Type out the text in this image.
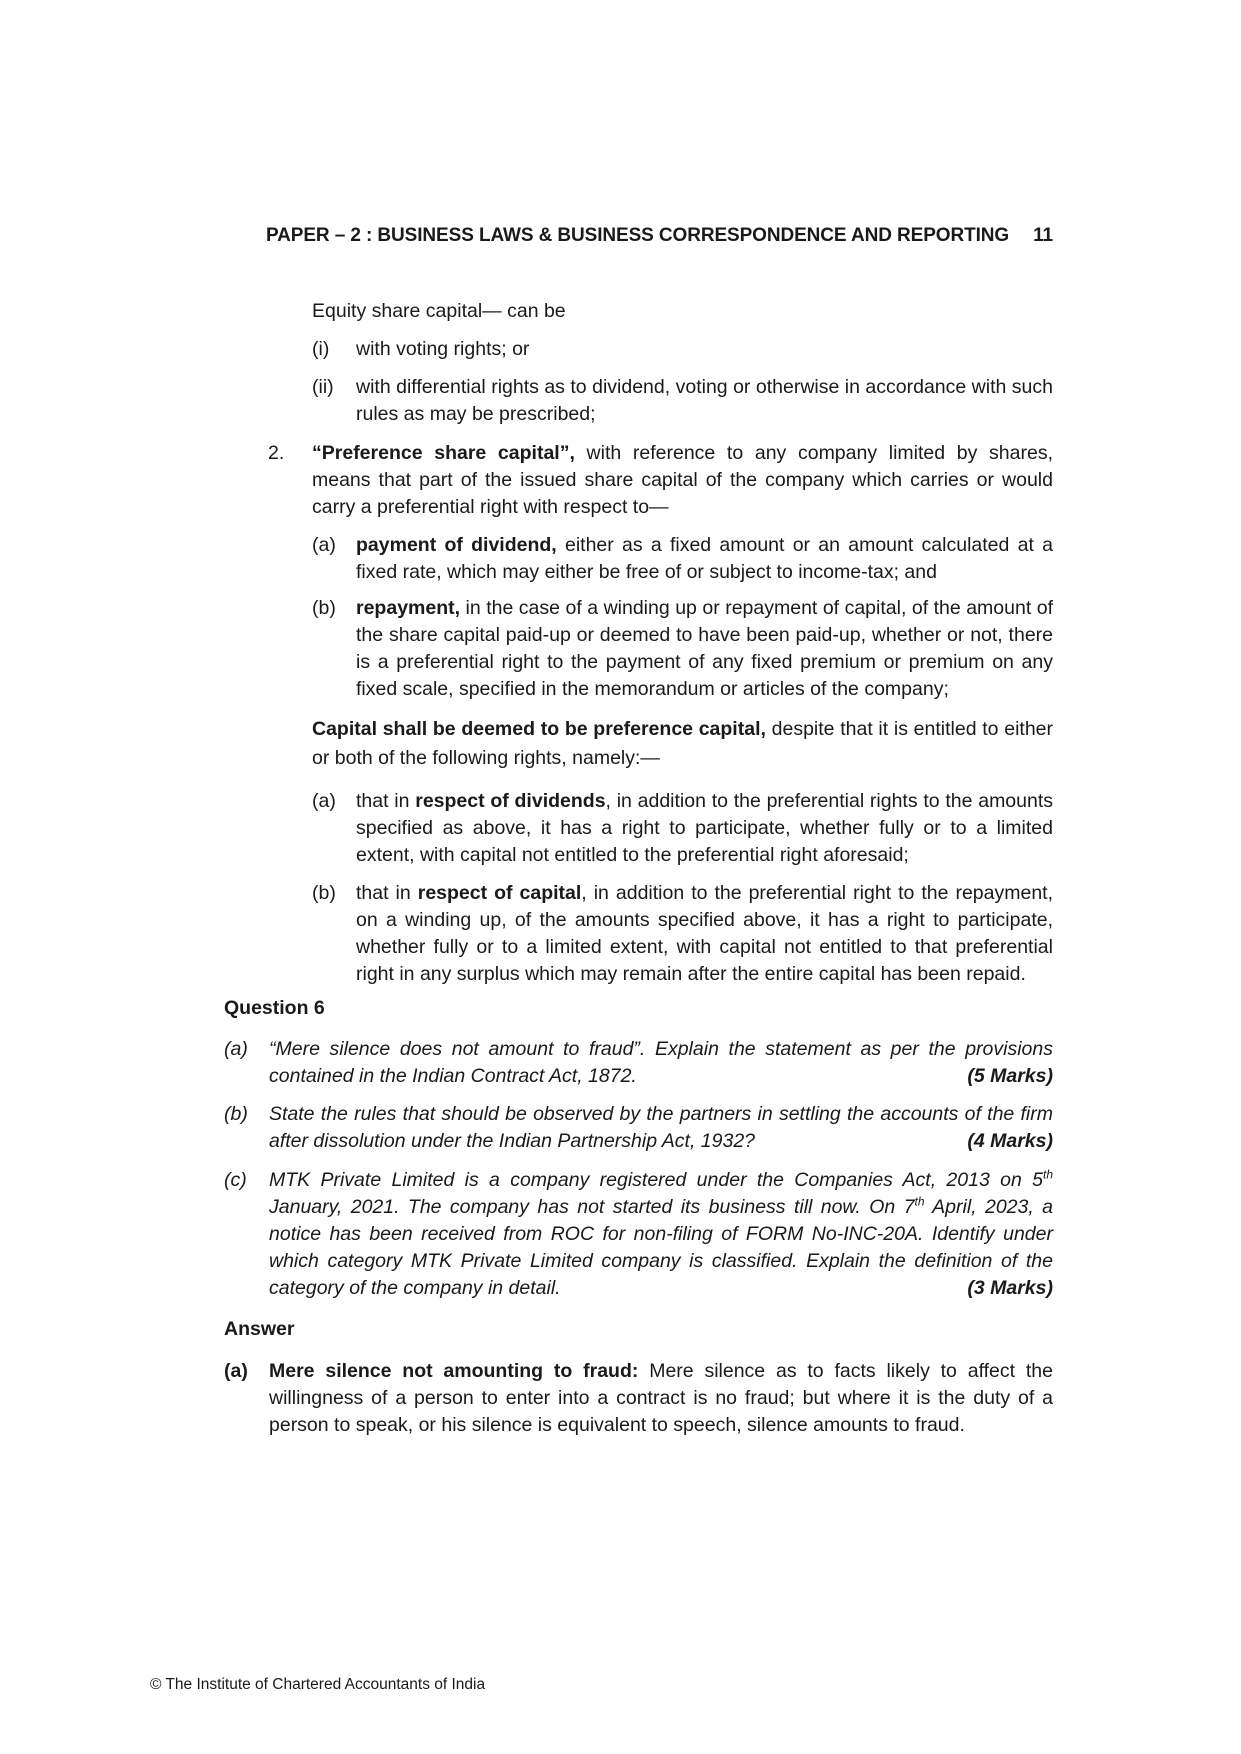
PAPER – 2 : BUSINESS LAWS & BUSINESS CORRESPONDENCE AND REPORTING 11
Equity share capital— can be
(i) with voting rights; or
(ii) with differential rights as to dividend, voting or otherwise in accordance with such rules as may be prescribed;
2. “Preference share capital”, with reference to any company limited by shares, means that part of the issued share capital of the company which carries or would carry a preferential right with respect to—
(a) payment of dividend, either as a fixed amount or an amount calculated at a fixed rate, which may either be free of or subject to income-tax; and
(b) repayment, in the case of a winding up or repayment of capital, of the amount of the share capital paid-up or deemed to have been paid-up, whether or not, there is a preferential right to the payment of any fixed premium or premium on any fixed scale, specified in the memorandum or articles of the company;
Capital shall be deemed to be preference capital, despite that it is entitled to either or both of the following rights, namely:—
(a) that in respect of dividends, in addition to the preferential rights to the amounts specified as above, it has a right to participate, whether fully or to a limited extent, with capital not entitled to the preferential right aforesaid;
(b) that in respect of capital, in addition to the preferential right to the repayment, on a winding up, of the amounts specified above, it has a right to participate, whether fully or to a limited extent, with capital not entitled to that preferential right in any surplus which may remain after the entire capital has been repaid.
Question 6
(a) “Mere silence does not amount to fraud”. Explain the statement as per the provisions contained in the Indian Contract Act, 1872.	(5 Marks)
(b) State the rules that should be observed by the partners in settling the accounts of the firm after dissolution under the Indian Partnership Act, 1932?	(4 Marks)
(c) MTK Private Limited is a company registered under the Companies Act, 2013 on 5th January, 2021. The company has not started its business till now. On 7th April, 2023, a notice has been received from ROC for non-filing of FORM No-INC-20A. Identify under which category MTK Private Limited company is classified. Explain the definition of the category of the company in detail.	(3 Marks)
Answer
(a) Mere silence not amounting to fraud: Mere silence as to facts likely to affect the willingness of a person to enter into a contract is no fraud; but where it is the duty of a person to speak, or his silence is equivalent to speech, silence amounts to fraud.
© The Institute of Chartered Accountants of India
